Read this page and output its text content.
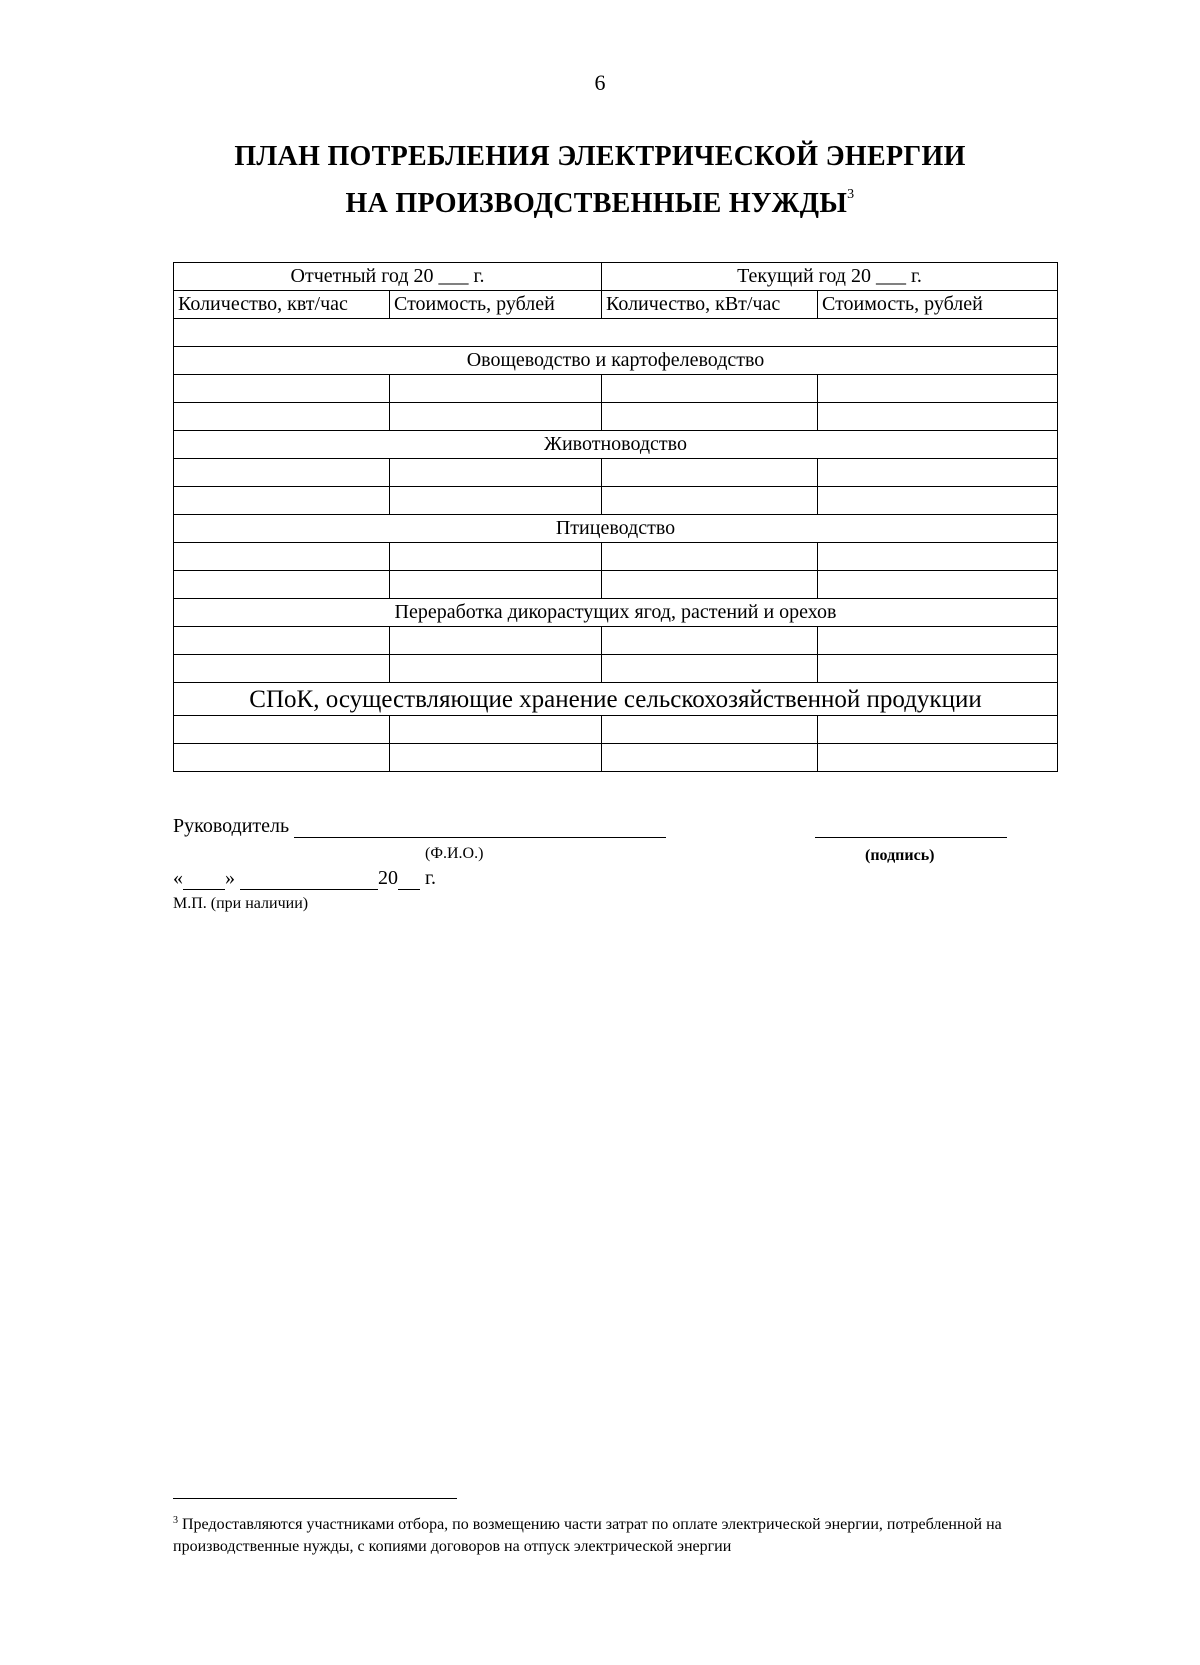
6
ПЛАН ПОТРЕБЛЕНИЯ ЭЛЕКТРИЧЕСКОЙ ЭНЕРГИИ
НА ПРОИЗВОДСТВЕННЫЕ НУЖДЫ$^3$
Отчетный год 20 ___ г.		Текущий год 20 ___ г.	
Количество, квт/час	Стоимость, рублей	Количество, кВт/час	Стоимость, рублей

Овощеводство и картофелеводство			

Животноводство			

Птицеводство			

Переработка дикорастущих ягод, растений и орехов			

СПоК, осуществляющие хранение сельскохозяйственной продукции			

Руководитель
(Ф.И.О.)	(подпись)
« »	20 г.
М.П. (при наличии)
$^3$ Предоставляются участниками отбора, по возмещению части затрат по оплате электрической энергии, потребленной на производственные нужды, с копиями договоров на отпуск электрической энергии
